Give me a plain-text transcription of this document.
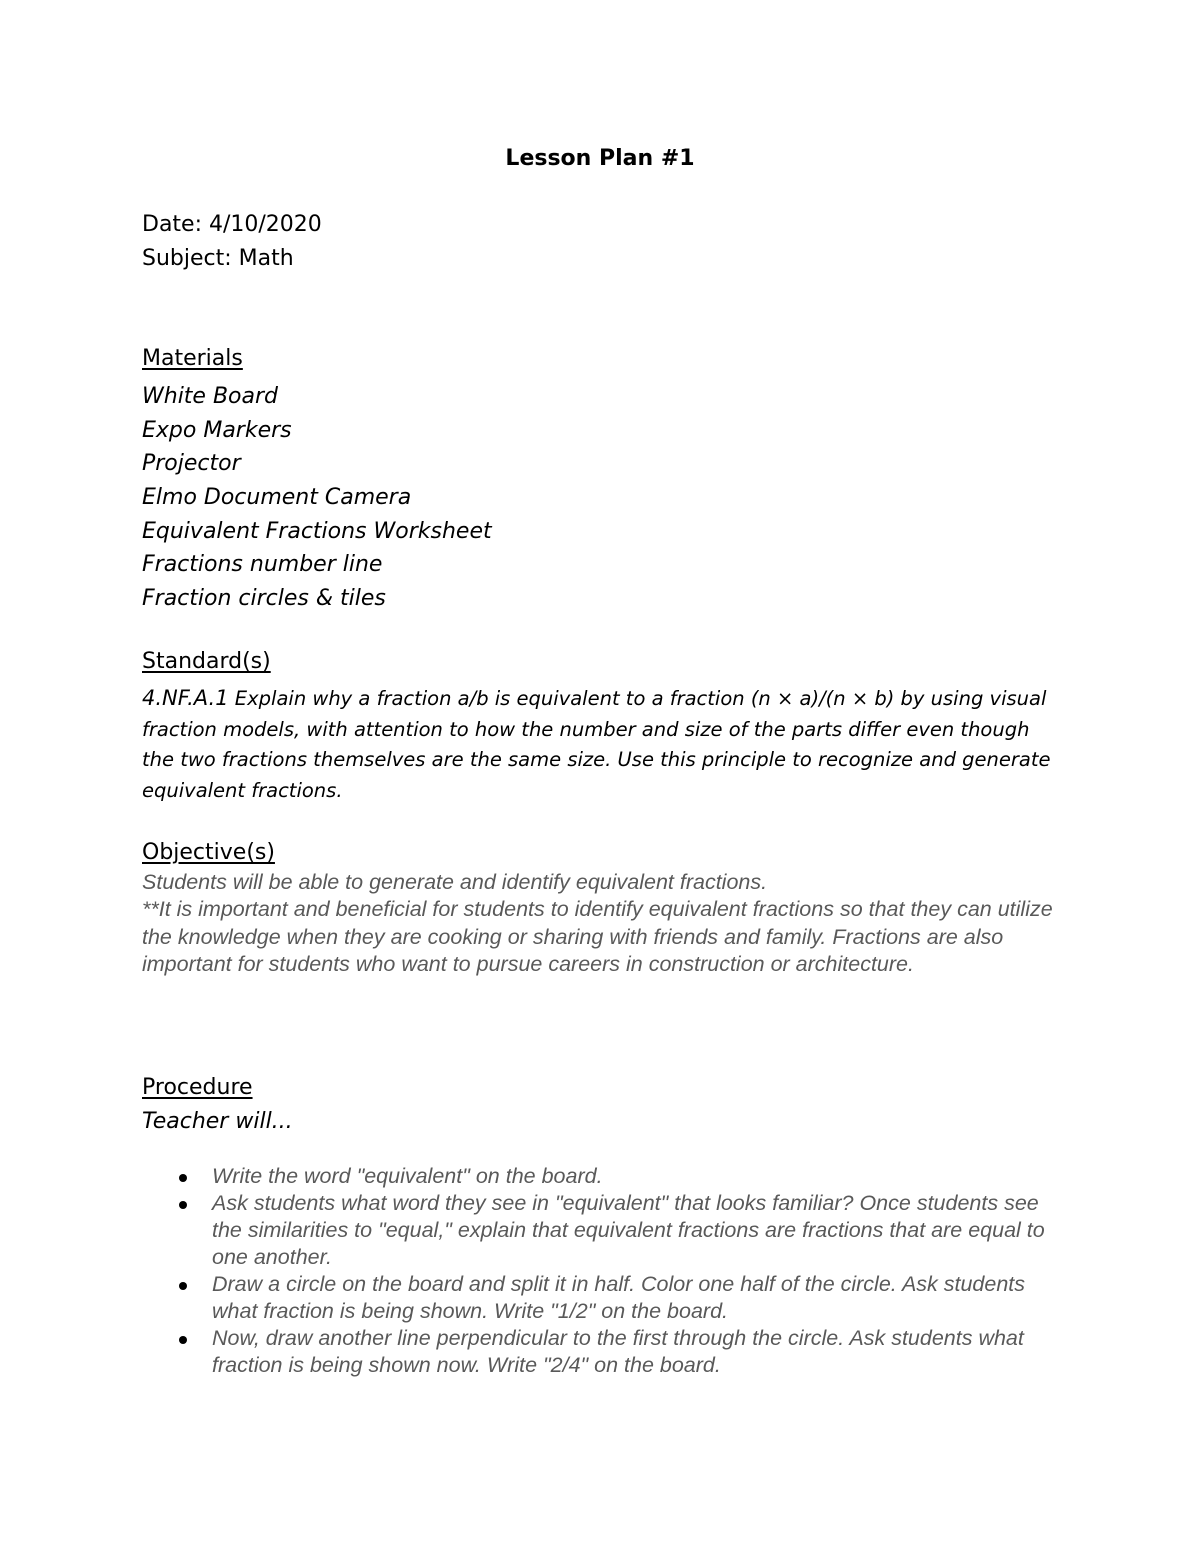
Lesson Plan #1
Date: 4/10/2020
Subject: Math
Materials
White Board
Expo Markers
Projector
Elmo Document Camera
Equivalent Fractions Worksheet
Fractions number line
Fraction circles & tiles
Standard(s)
4.NF.A.1 Explain why a fraction a/b is equivalent to a fraction (n × a)/(n × b) by using visual fraction models, with attention to how the number and size of the parts differ even though the two fractions themselves are the same size. Use this principle to recognize and generate equivalent fractions.
Objective(s)

Students will be able to generate and identify equivalent fractions.

**It is important and beneficial for students to identify equivalent fractions so that they can utilize the knowledge when they are cooking or sharing with friends and family. Fractions are also important for students who want to pursue careers in construction or architecture.

Procedure
Teacher will...
Write the word "equivalent" on the board.
Ask students what word they see in "equivalent" that looks familiar? Once students see the similarities to "equal," explain that equivalent fractions are fractions that are equal to one another.
Draw a circle on the board and split it in half. Color one half of the circle. Ask students what fraction is being shown. Write "1/2" on the board.
Now, draw another line perpendicular to the first through the circle. Ask students what fraction is being shown now. Write "2/4" on the board.
